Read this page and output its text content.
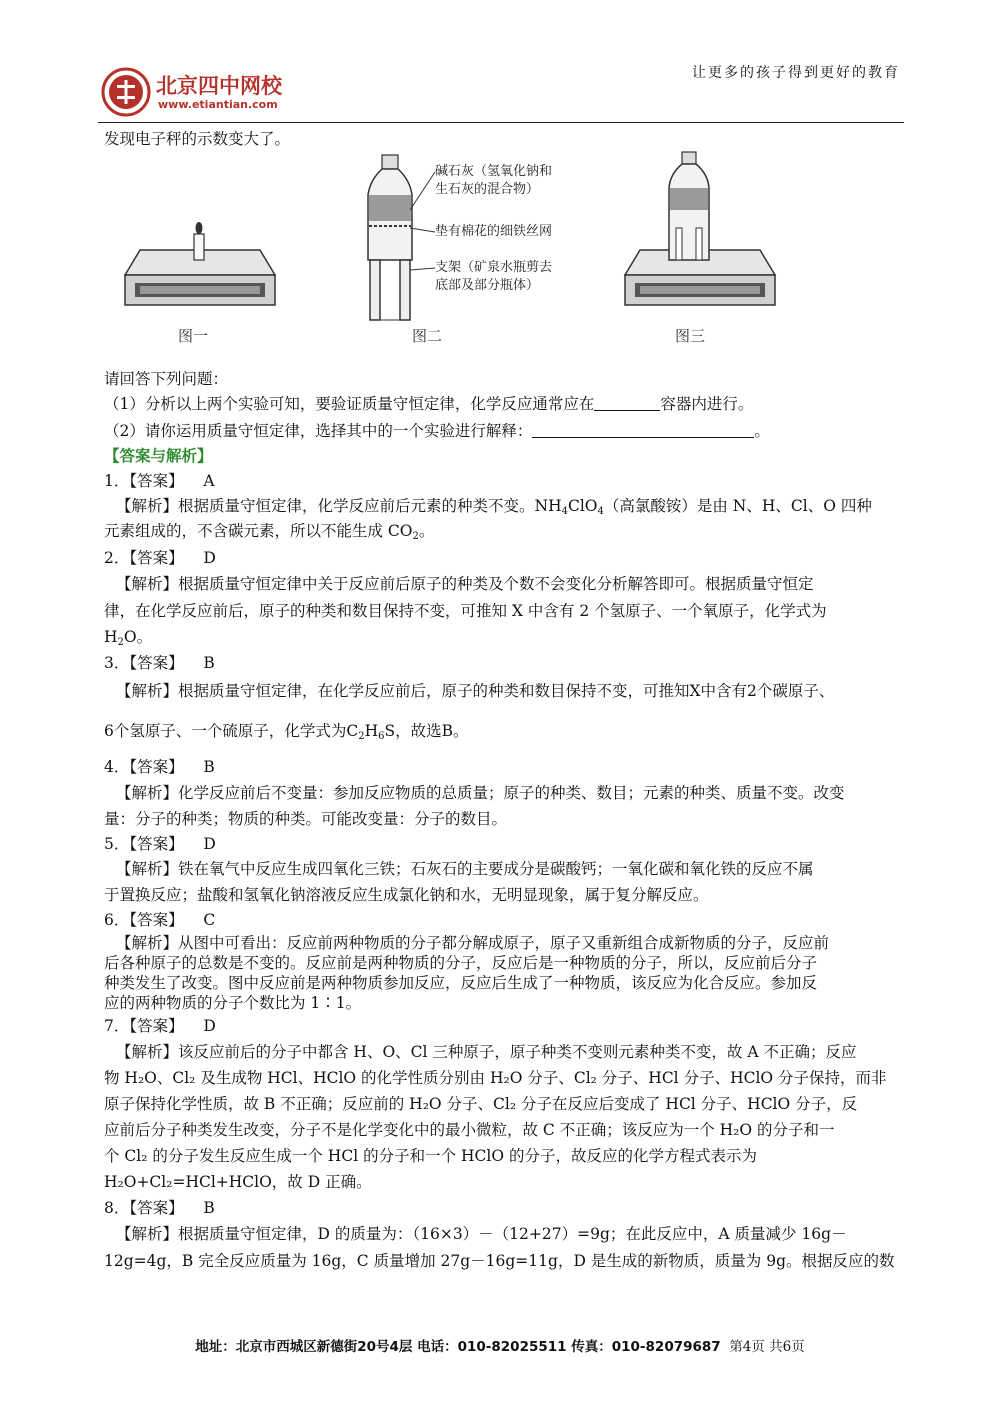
北京四中网校
www.etiantian.com
让更多的孩子得到更好的教育
发现电子秤的示数变大了。
图一
碱石灰（氢氧化钠和
生石灰的混合物）
垫有棉花的细铁丝网
支架（矿泉水瓶剪去
底部及部分瓶体）
图二	图三
请回答下列问题：
（1）分析以上两个实验可知，要验证质量守恒定律，化学反应通常应在	容器内进行。
（2）请你运用质量守恒定律，选择其中的一个实验进行解释：	。
【答案与解析】
1．【答案】 A
【解析】根据质量守恒定律，化学反应前后元素的种类不变。$NH_4ClO_4$（高氯酸铵）是由 N、H、Cl、O 四种
元素组成的，不含碳元素，所以不能生成 $CO_2$。
2．【答案】 D
【解析】根据质量守恒定律中关于反应前后原子的种类及个数不会变化分析解答即可。根据质量守恒定
律，在化学反应前后，原子的种类和数目保持不变，可推知 X 中含有 2 个氢原子、一个氧原子，化学式为
$H_2O$。
3．【答案】 B
【解析】根据质量守恒定律，在化学反应前后，原子的种类和数目保持不变，可推知X中含有2个碳原子、
6个氢原子、一个硫原子，化学式为$C_2H_6S$，故选B。
4．【答案】 B
【解析】化学反应前后不变量：参加反应物质的总质量；原子的种类、数目；元素的种类、质量不变。改变
量：分子的种类；物质的种类。可能改变量：分子的数目。
5．【答案】 D
【解析】铁在氧气中反应生成四氧化三铁；石灰石的主要成分是碳酸钙；一氧化碳和氧化铁的反应不属
于置换反应；盐酸和氢氧化钠溶液反应生成氯化钠和水，无明显现象，属于复分解反应。
6．【答案】 C
【解析】从图中可看出：反应前两种物质的分子都分解成原子，原子又重新组合成新物质的分子，反应前
后各种原子的总数是不变的。反应前是两种物质的分子，反应后是一种物质的分子，所以，反应前后分子
种类发生了改变。图中反应前是两种物质参加反应，反应后生成了一种物质，该反应为化合反应。参加反
应的两种物质的分子个数比为 1∶1。
7．【答案】 D
【解析】该反应前后的分子中都含 H、O、Cl 三种原子，原子种类不变则元素种类不变，故 A 不正确；反应
物 H₂O、Cl₂ 及生成物 HCl、HClO 的化学性质分别由 H₂O 分子、Cl₂ 分子、HCl 分子、HClO 分子保持，而非
原子保持化学性质，故 B 不正确；反应前的 H₂O 分子、Cl₂ 分子在反应后变成了 HCl 分子、HClO 分子，反
应前后分子种类发生改变，分子不是化学变化中的最小微粒，故 C 不正确；该反应为一个 H₂O 的分子和一
个 Cl₂ 的分子发生反应生成一个 HCl 的分子和一个 HClO 的分子，故反应的化学方程式表示为
H₂O+Cl₂=HCl+HClO，故 D 正确。
8．【答案】 B
【解析】根据质量守恒定律，D 的质量为：（16×3）－（12+27）=9g；在此反应中，A 质量减少 16g－
12g=4g，B 完全反应质量为 16g，C 质量增加 27g－16g=11g，D 是生成的新物质，质量为 9g。根据反应的数
地址：北京市西城区新德街20号4层 电话：010-82025511 传真：010-82079687 第4页 共6页
